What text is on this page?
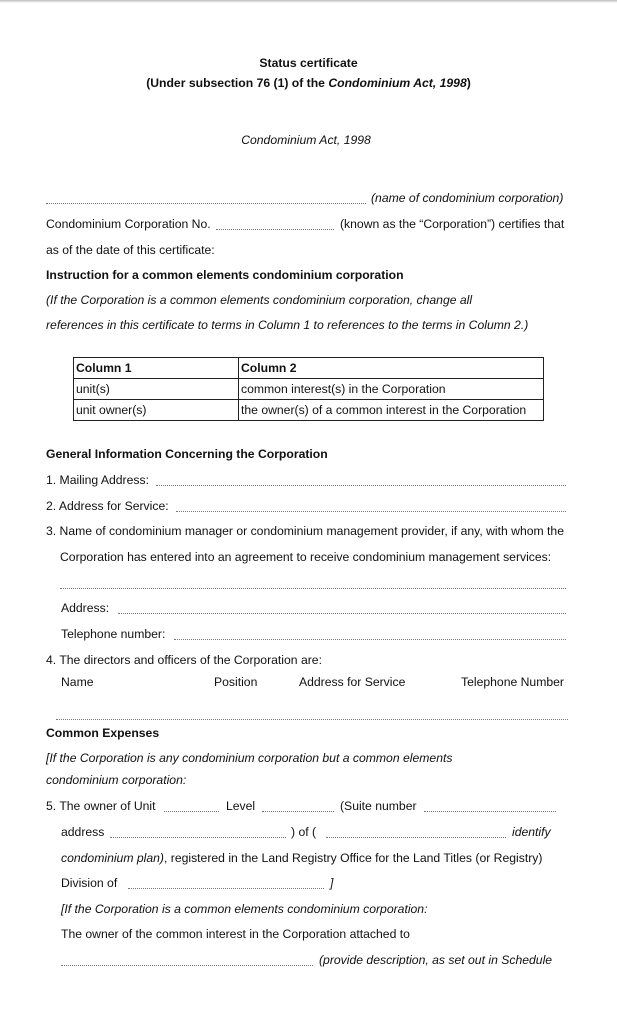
Status certificate
(Under subsection 76 (1) of the Condominium Act, 1998)
Condominium Act, 1998
(name of condominium corporation)
Condominium Corporation No.	(known as the “Corporation”) certifies that
as of the date of this certificate:
Instruction for a common elements condominium corporation
(If the Corporation is a common elements condominium corporation, change all
references in this certificate to terms in Column 1 to references to the terms in Column 2.)
Column 1	Column 2
unit(s)	common interest(s) in the Corporation
unit owner(s)	the owner(s) of a common interest in the Corporation
General Information Concerning the Corporation
1. Mailing Address:
2. Address for Service:
3. Name of condominium manager or condominium management provider, if any, with whom the
Corporation has entered into an agreement to receive condominium management services:
Address:
Telephone number:
4. The directors and officers of the Corporation are:
Name	Position	Address for Service	Telephone Number
Common Expenses
[If the Corporation is any condominium corporation but a common elements
condominium corporation:
5. The owner of Unit	Level	(Suite number
address	) of (	identify
condominium plan), registered in the Land Registry Office for the Land Titles (or Registry)
Division of	]
[If the Corporation is a common elements condominium corporation:
The owner of the common interest in the Corporation attached to
(provide description, as set out in Schedule
